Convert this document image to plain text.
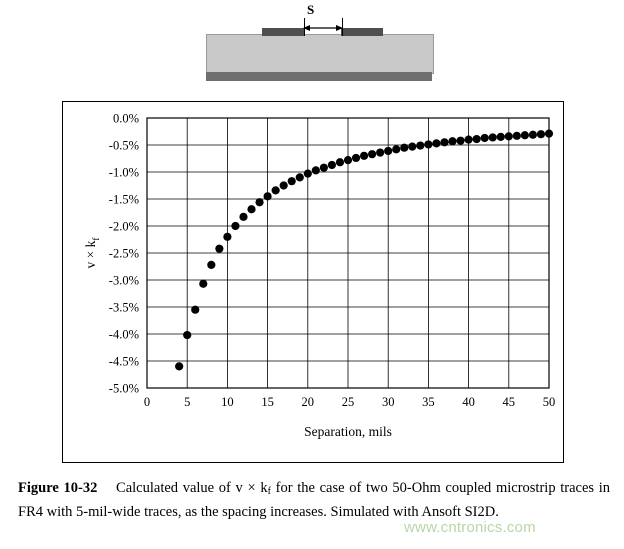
S
0.0%
-0.5%
-1.0%
-1.5%
-2.0%
-2.5%
-3.0%
-3.5%
-4.0%
-4.5%
-5.0%
0	5 10 15 20 25 30 35 40 45 50
Separation, mils
$v \times k_f$
Figure 10-32 Calculated value of $v \times k_f$ for the case of two 50-Ohm coupled microstrip traces in FR4 with 5-mil-wide traces, as the spacing increases. Simulated with Ansoft SI2D.
www.cntronics.com
